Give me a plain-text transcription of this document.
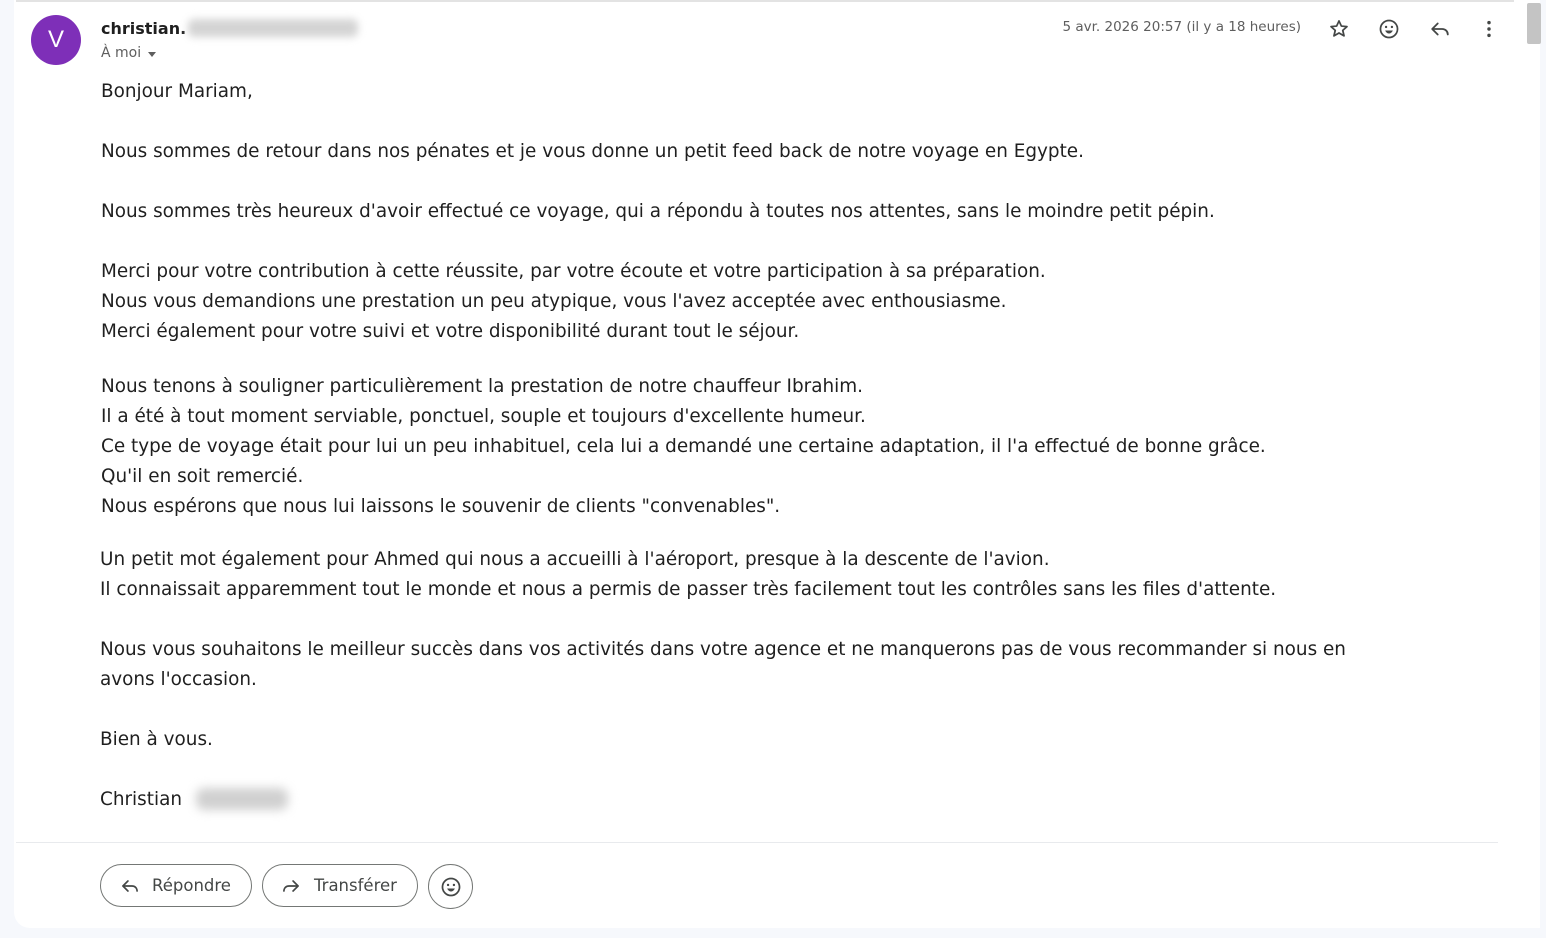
V	christian.
À moi
5 avr. 2026 20:57 (il y a 18 heures)
Bonjour Mariam,
Nous sommes de retour dans nos pénates et je vous donne un petit feed back de notre voyage en Egypte.
Nous sommes très heureux d'avoir effectué ce voyage, qui a répondu à toutes nos attentes, sans le moindre petit pépin.
Merci pour votre contribution à cette réussite, par votre écoute et votre participation à sa préparation.
Nous vous demandions une prestation un peu atypique, vous l'avez acceptée avec enthousiasme.
Merci également pour votre suivi et votre disponibilité durant tout le séjour.
Nous tenons à souligner particulièrement la prestation de notre chauffeur Ibrahim.
Il a été à tout moment serviable, ponctuel, souple et toujours d'excellente humeur.
Ce type de voyage était pour lui un peu inhabituel, cela lui a demandé une certaine adaptation, il l'a effectué de bonne grâce.
Qu'il en soit remercié.
Nous espérons que nous lui laissons le souvenir de clients "convenables".
Un petit mot également pour Ahmed qui nous a accueilli à l'aéroport, presque à la descente de l'avion.
Il connaissait apparemment tout le monde et nous a permis de passer très facilement tout les contrôles sans les files d'attente.
Nous vous souhaitons le meilleur succès dans vos activités dans votre agence et ne manquerons pas de vous recommander si nous en
avons l'occasion.
Bien à vous.
Christian
Répondre	Transférer
